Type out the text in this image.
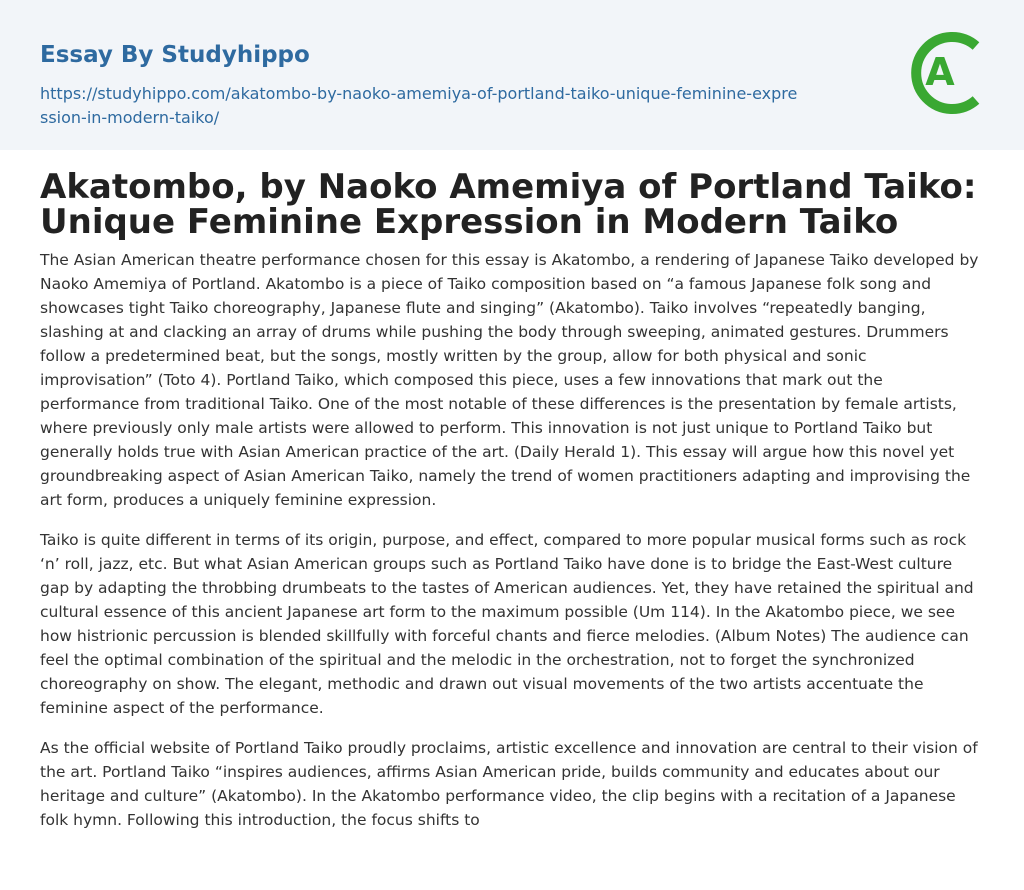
Essay By Studyhippo
https://studyhippo.com/akatombo-by-naoko-amemiya-of-portland-taiko-unique-feminine-expression-in-modern-taiko/
A
Akatombo, by Naoko Amemiya of Portland Taiko: Unique Feminine Expression in Modern Taiko

The Asian American theatre performance chosen for this essay is Akatombo, a rendering of Japanese Taiko developed by Naoko Amemiya of Portland. Akatombo is a piece of Taiko composition based on “a famous Japanese folk song and showcases tight Taiko choreography, Japanese flute and singing” (Akatombo). Taiko involves “repeatedly banging, slashing at and clacking an array of drums while pushing the body through sweeping, animated gestures. Drummers follow a predetermined beat, but the songs, mostly written by the group, allow for both physical and sonic improvisation” (Toto 4). Portland Taiko, which composed this piece, uses a few innovations that mark out the performance from traditional Taiko. One of the most notable of these differences is the presentation by female artists, where previously only male artists were allowed to perform. This innovation is not just unique to Portland Taiko but generally holds true with Asian American practice of the art. (Daily Herald 1). This essay will argue how this novel yet groundbreaking aspect of Asian American Taiko, namely the trend of women practitioners adapting and improvising the art form, produces a uniquely feminine expression.

Taiko is quite different in terms of its origin, purpose, and effect, compared to more popular musical forms such as rock ‘n’ roll, jazz, etc. But what Asian American groups such as Portland Taiko have done is to bridge the East-West culture gap by adapting the throbbing drumbeats to the tastes of American audiences. Yet, they have retained the spiritual and cultural essence of this ancient Japanese art form to the maximum possible (Um 114). In the Akatombo piece, we see how histrionic percussion is blended skillfully with forceful chants and fierce melodies. (Album Notes) The audience can feel the optimal combination of the spiritual and the melodic in the orchestration, not to forget the synchronized choreography on show. The elegant, methodic and drawn out visual movements of the two artists accentuate the feminine aspect of the performance.

As the official website of Portland Taiko proudly proclaims, artistic excellence and innovation are central to their vision of the art. Portland Taiko “inspires audiences, affirms Asian American pride, builds community and educates about our heritage and culture” (Akatombo). In the Akatombo performance video, the clip begins with a recitation of a Japanese folk hymn. Following this introduction, the focus shifts to
